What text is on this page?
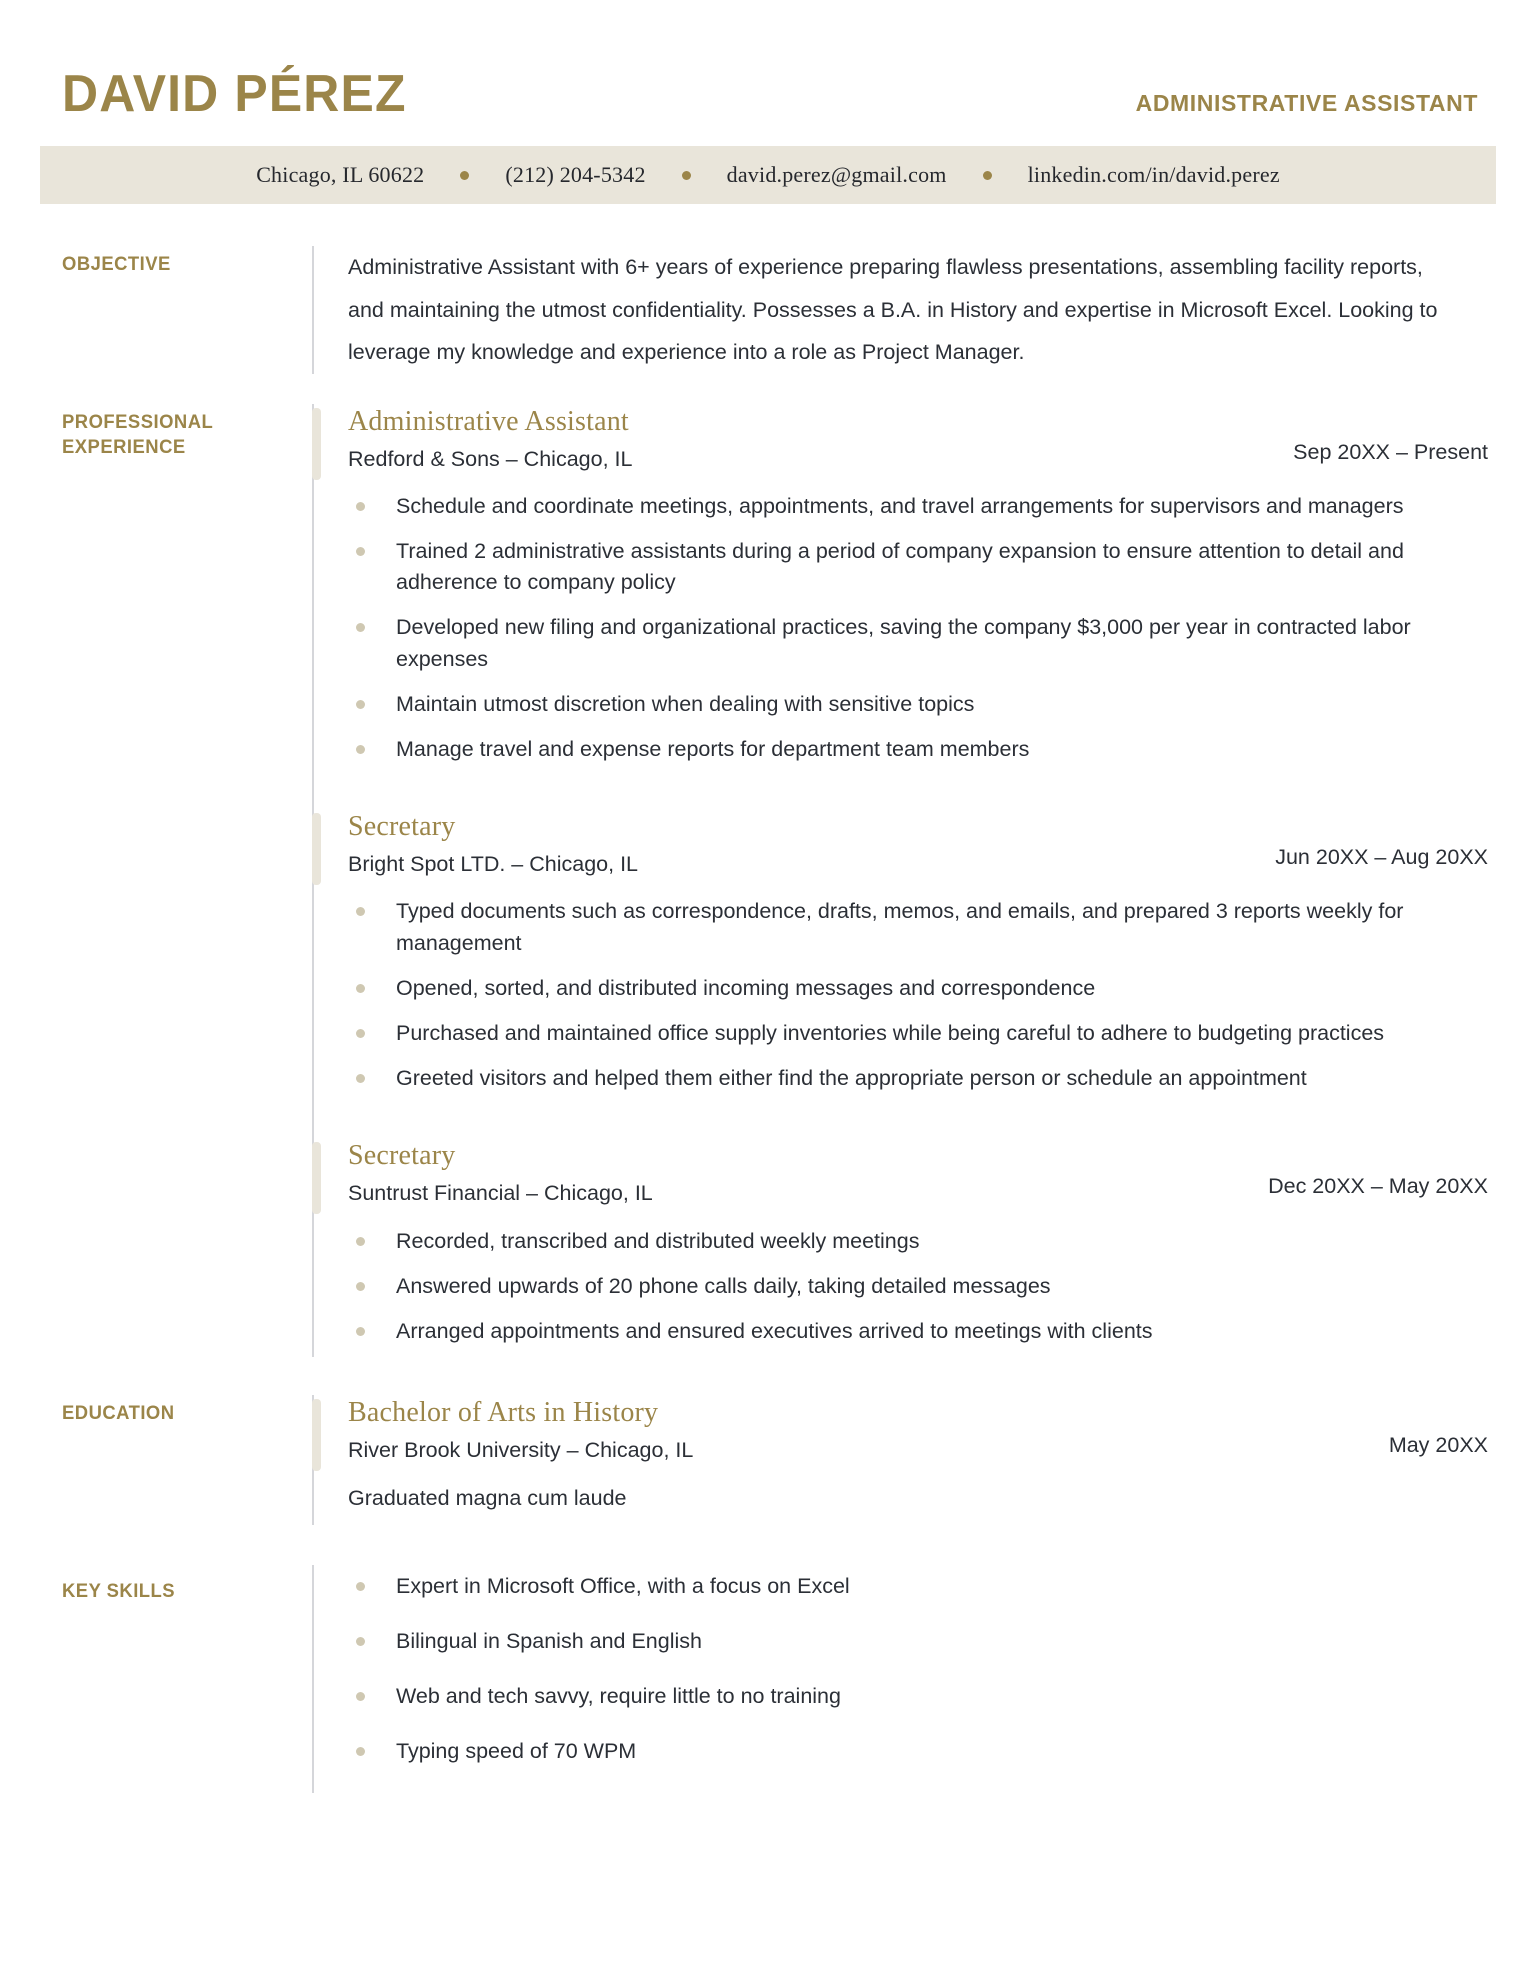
DAVID PÉREZ	ADMINISTRATIVE ASSISTANT
Chicago, IL 60622	(212) 204-5342	david.perez@gmail.com	linkedin.com/in/david.perez
OBJECTIVE	Administrative Assistant with 6+ years of experience preparing flawless presentations, assembling facility reports, and maintaining the utmost confidentiality. Possesses a B.A. in History and expertise in Microsoft Excel. Looking to leverage my knowledge and experience into a role as Project Manager.
PROFESSIONAL
EXPERIENCE
Administrative Assistant
Redford & Sons – Chicago, IL	Sep 20XX – Present
Schedule and coordinate meetings, appointments, and travel arrangements for supervisors and managers
Trained 2 administrative assistants during a period of company expansion to ensure attention to detail and adherence to company policy
Developed new filing and organizational practices, saving the company $3,000 per year in contracted labor expenses
Maintain utmost discretion when dealing with sensitive topics
Manage travel and expense reports for department team members
Secretary
Bright Spot LTD. – Chicago, IL	Jun 20XX – Aug 20XX
Typed documents such as correspondence, drafts, memos, and emails, and prepared 3 reports weekly for management
Opened, sorted, and distributed incoming messages and correspondence
Purchased and maintained office supply inventories while being careful to adhere to budgeting practices
Greeted visitors and helped them either find the appropriate person or schedule an appointment
Secretary
Suntrust Financial – Chicago, IL	Dec 20XX – May 20XX
Recorded, transcribed and distributed weekly meetings
Answered upwards of 20 phone calls daily, taking detailed messages
Arranged appointments and ensured executives arrived to meetings with clients
EDUCATION	Bachelor of Arts in History
River Brook University – Chicago, IL	May 20XX
Graduated magna cum laude
KEY SKILLS	Expert in Microsoft Office, with a focus on Excel
Bilingual in Spanish and English
Web and tech savvy, require little to no training
Typing speed of 70 WPM
